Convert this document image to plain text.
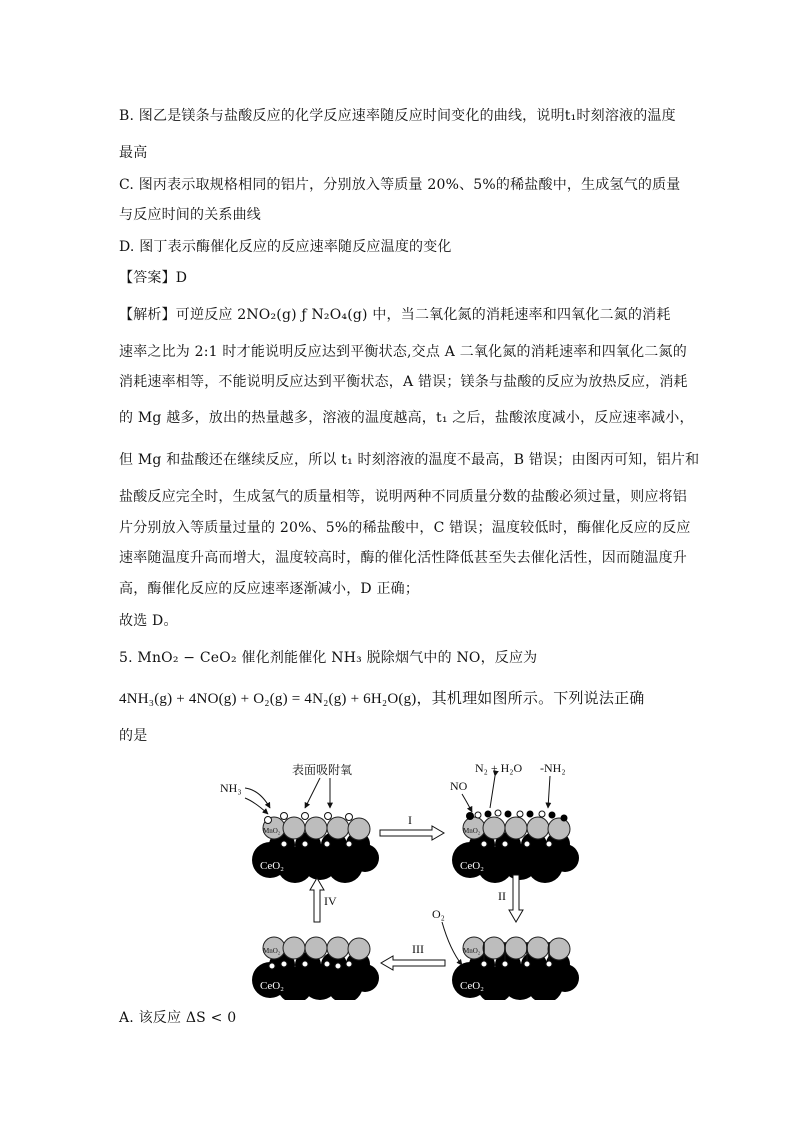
B. 图乙是镁条与盐酸反应的化学反应速率随反应时间变化的曲线，说明t₁时刻溶液的温度
最高
C. 图丙表示取规格相同的铝片，分别放入等质量 20%、5%的稀盐酸中，生成氢气的质量
与反应时间的关系曲线
D. 图丁表示酶催化反应的反应速率随反应温度的变化
【答案】D
【解析】可逆反应 2NO₂(g) ƒ N₂O₄(g) 中，当二氧化氮的消耗速率和四氧化二氮的消耗
速率之比为 2:1 时才能说明反应达到平衡状态,交点 A 二氧化氮的消耗速率和四氧化二氮的
消耗速率相等，不能说明反应达到平衡状态，A 错误；镁条与盐酸的反应为放热反应，消耗
的 Mg 越多，放出的热量越多，溶液的温度越高，t₁ 之后，盐酸浓度减小，反应速率减小，
但 Mg 和盐酸还在继续反应，所以 t₁ 时刻溶液的温度不最高，B 错误；由图丙可知，铝片和
盐酸反应完全时，生成氢气的质量相等，说明两种不同质量分数的盐酸必须过量，则应将铝
片分别放入等质量过量的 20%、5%的稀盐酸中，C 错误；温度较低时，酶催化反应的反应
速率随温度升高而增大，温度较高时，酶的催化活性降低甚至失去催化活性，因而随温度升
高，酶催化反应的反应速率逐渐减小，D 正确；
故选 D。
5. MnO₂ − CeO₂ 催化剂能催化 NH₃ 脱除烟气中的 NO，反应为
4NH₃(g) + 4NO(g) + O₂(g) = 4N₂(g) + 6H₂O(g)，其机理如图所示。下列说法正确
的是
MnO₂
CeO₂
NH₃
表面吸附氧
MnO₂
CeO₂
NO
N₂ + H₂O -NH₂
MnO₂
CeO₂
O₂
MnO₂
CeO₂
I
II
III
IV
A. 该反应 ΔS < 0
